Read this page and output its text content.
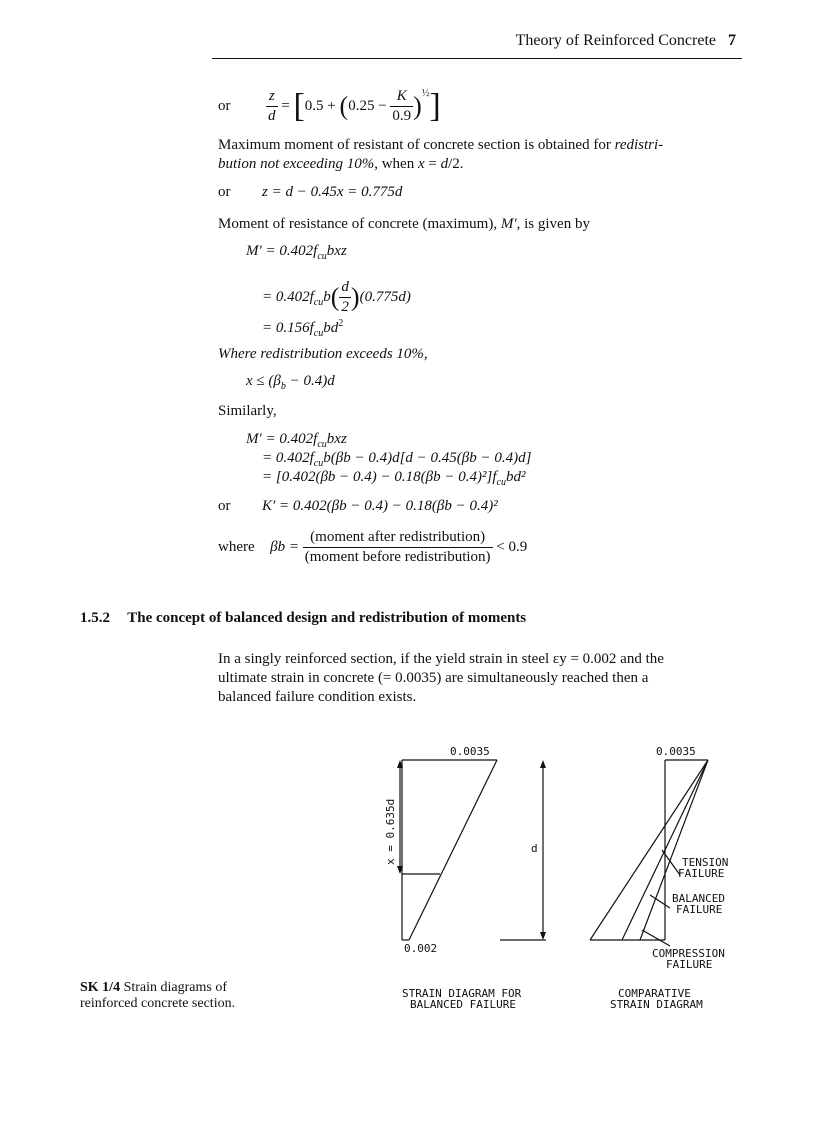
Theory of Reinforced Concrete 7
or $\frac{z}{d} = [0.5 + (0.25 - \frac{K}{0.9} )^{\frac{1}{2}}]$
Maximum moment of resistant of concrete section is obtained for redistri-
bution not exceeding 10%, when x = d/2.
or z = d − 0.45x = 0.775d
Moment of resistance of concrete (maximum), M′, is given by
$M' = 0.402f_{cu}bxz$
= $0.402f_{cu}b( \frac{d}{2} )(0.775d)$
= $0.156f_{cu}bd^2$
Where redistribution exceeds 10%,
$x \le (\beta_b - 0.4)d$
Similarly,
$M' = 0.402f_{cu}bxz$
= $0.402f_{cu}b(\beta b - 0.4)d[d - 0.45(\beta b - 0.4)d]$
= $[0.402(\beta b - 0.4) - 0.18(\beta b - 0.4)^2]f_{cu}bd^2$
or K′ = 0.402(βb − 0.4) − 0.18(βb − 0.4)²
where $\beta b = \frac{\text{(moment after redistribution)}}{\text{(moment before redistribution)}} < 0.9$
1.5.2 The concept of balanced design and redistribution of moments
In a singly reinforced section, if the yield strain in steel εy = 0.002 and the
ultimate strain in concrete (= 0.0035) are simultaneously reached then a
balanced failure condition exists.
0.0035
0.002
x = 0.635d	d
0.0035
TENSION
FAILURE
BALANCED
FAILURE
COMPRESSION
FAILURE
STRAIN DIAGRAM FOR
BALANCED FAILURE
COMPARATIVE
STRAIN DIAGRAM
SK 1/4 Strain diagrams of
reinforced concrete section.
